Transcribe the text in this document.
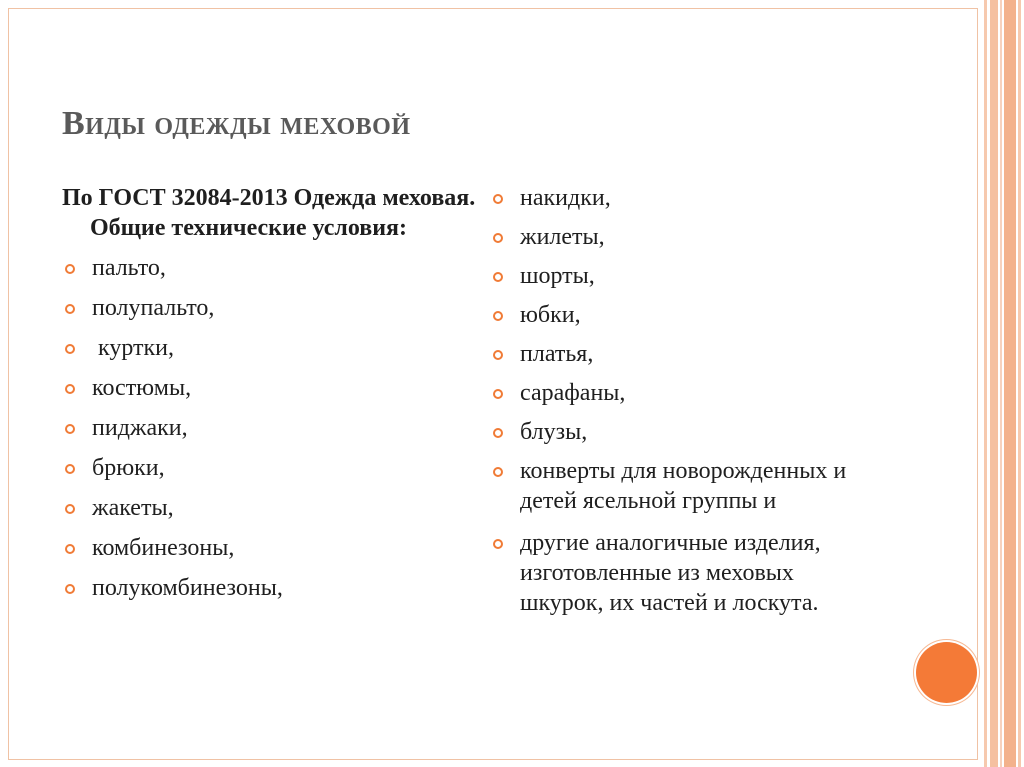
Виды одежды меховой
По ГОСТ 32084-2013 Одежда меховая. Общие технические условия:
пальто,
полупальто,
куртки,
костюмы,
пиджаки,
брюки,
жакеты,
комбинезоны,
полукомбинезоны,
накидки,
жилеты,
шорты,
юбки,
платья,
сарафаны,
блузы,
конверты для новорожденных и детей ясельной группы и
другие аналогичные изделия, изготовленные из меховых шкурок, их частей и лоскута.
